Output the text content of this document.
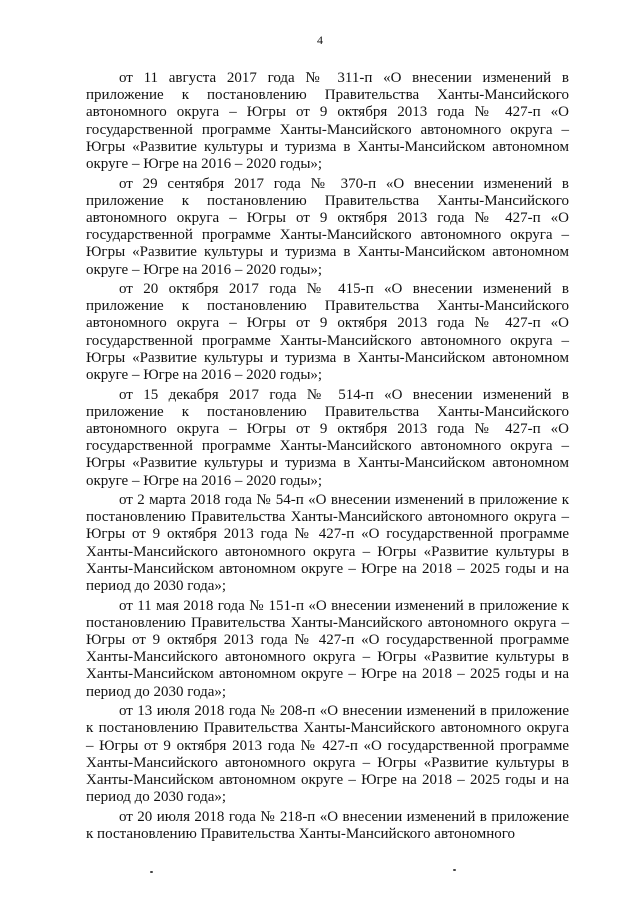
4

от 11 августа 2017 года № 311-п «О внесении изменений в приложение к постановлению Правительства Ханты-Мансийского автономного округа – Югры от 9 октября 2013 года № 427-п «О государственной программе Ханты-Мансийского автономного округа – Югры «Развитие культуры и туризма в Ханты-Мансийском автономном округе – Югре на 2016 – 2020 годы»;

от 29 сентября 2017 года № 370-п «О внесении изменений в приложение к постановлению Правительства Ханты-Мансийского автономного округа – Югры от 9 октября 2013 года № 427-п «О государственной программе Ханты-Мансийского автономного округа – Югры «Развитие культуры и туризма в Ханты-Мансийском автономном округе – Югре на 2016 – 2020 годы»;

от 20 октября 2017 года № 415-п «О внесении изменений в приложение к постановлению Правительства Ханты-Мансийского автономного округа – Югры от 9 октября 2013 года № 427-п «О государственной программе Ханты-Мансийского автономного округа – Югры «Развитие культуры и туризма в Ханты-Мансийском автономном округе – Югре на 2016 – 2020 годы»;

от 15 декабря 2017 года № 514-п «О внесении изменений в приложение к постановлению Правительства Ханты-Мансийского автономного округа – Югры от 9 октября 2013 года № 427-п «О государственной программе Ханты-Мансийского автономного округа – Югры «Развитие культуры и туризма в Ханты-Мансийском автономном округе – Югре на 2016 – 2020 годы»;

от 2 марта 2018 года № 54-п «О внесении изменений в приложение к постановлению Правительства Ханты-Мансийского автономного округа – Югры от 9 октября 2013 года № 427-п «О государственной программе Ханты-Мансийского автономного округа – Югры «Развитие культуры в Ханты-Мансийском автономном округе – Югре на 2018 – 2025 годы и на период до 2030 года»;

от 11 мая 2018 года № 151-п «О внесении изменений в приложение к постановлению Правительства Ханты-Мансийского автономного округа – Югры от 9 октября 2013 года № 427-п «О государственной программе Ханты-Мансийского автономного округа – Югры «Развитие культуры в Ханты-Мансийском автономном округе – Югре на 2018 – 2025 годы и на период до 2030 года»;

от 13 июля 2018 года № 208-п «О внесении изменений в приложение к постановлению Правительства Ханты-Мансийского автономного округа – Югры от 9 октября 2013 года № 427-п «О государственной программе Ханты-Мансийского автономного округа – Югры «Развитие культуры в Ханты-Мансийском автономном округе – Югре на 2018 – 2025 годы и на период до 2030 года»;

от 20 июля 2018 года № 218-п «О внесении изменений в приложение к постановлению Правительства Ханты-Мансийского автономного
